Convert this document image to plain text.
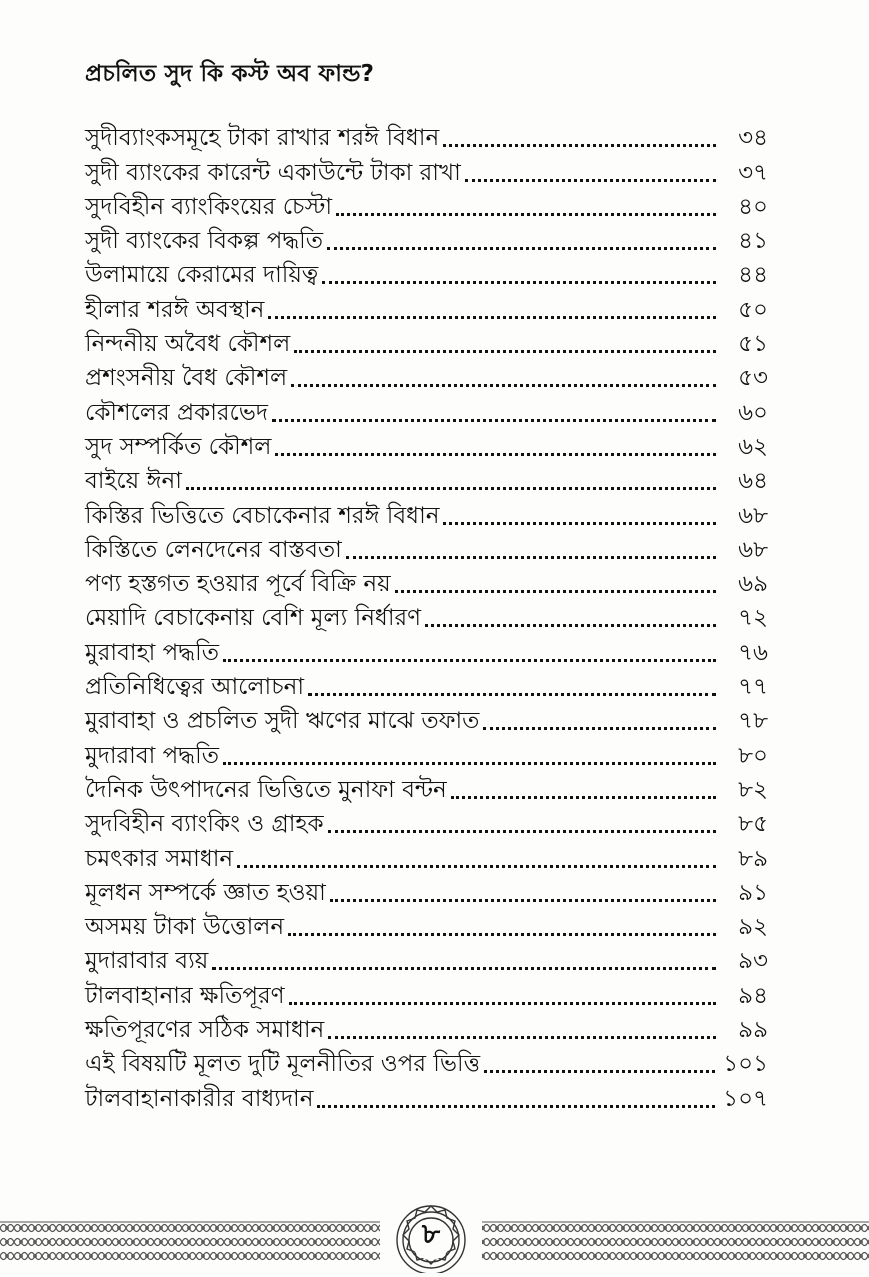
প্রচলিত সুদ কি কস্ট অব ফান্ড?
সুদীব্যাংকসমূহে টাকা রাখার শরঈ বিধান	৩৪
সুদী ব্যাংকের কারেন্ট একাউন্টে টাকা রাখা	৩৭
সুদবিহীন ব্যাংকিংয়ের চেস্টা	৪০
সুদী ব্যাংকের বিকল্প পদ্ধতি	৪১
উলামায়ে কেরামের দায়িত্ব	৪৪
হীলার শরঈ অবস্থান	৫০
নিন্দনীয় অবৈধ কৌশল	৫১
প্রশংসনীয় বৈধ কৌশল	৫৩
কৌশলের প্রকারভেদ	৬০
সুদ সম্পর্কিত কৌশল	৬২
বাইয়ে ঈনা	৬৪
কিস্তির ভিত্তিতে বেচাকেনার শরঈ বিধান	৬৮
কিস্তিতে লেনদেনের বাস্তবতা	৬৮
পণ্য হস্তগত হওয়ার পূর্বে বিক্রি নয়	৬৯
মেয়াদি বেচাকেনায় বেশি মূল্য নির্ধারণ	৭২
মুরাবাহা পদ্ধতি	৭৬
প্রতিনিধিত্বের আলোচনা	৭৭
মুরাবাহা ও প্রচলিত সুদী ঋণের মাঝে তফাত	৭৮
মুদারাবা পদ্ধতি	৮০
দৈনিক উৎপাদনের ভিত্তিতে মুনাফা বন্টন	৮২
সুদবিহীন ব্যাংকিং ও গ্রাহক	৮৫
চমৎকার সমাধান	৮৯
মূলধন সম্পর্কে জ্ঞাত হওয়া	৯১
অসময় টাকা উত্তোলন	৯২
মুদারাবার ব্যয়	৯৩
টালবাহানার ক্ষতিপূরণ	৯৪
ক্ষতিপূরণের সঠিক সমাধান	৯৯
এই বিষয়টি মূলত দুটি মূলনীতির ওপর ভিত্তি	১০১
টালবাহানাকারীর বাধ্যদান	১০৭
৮
